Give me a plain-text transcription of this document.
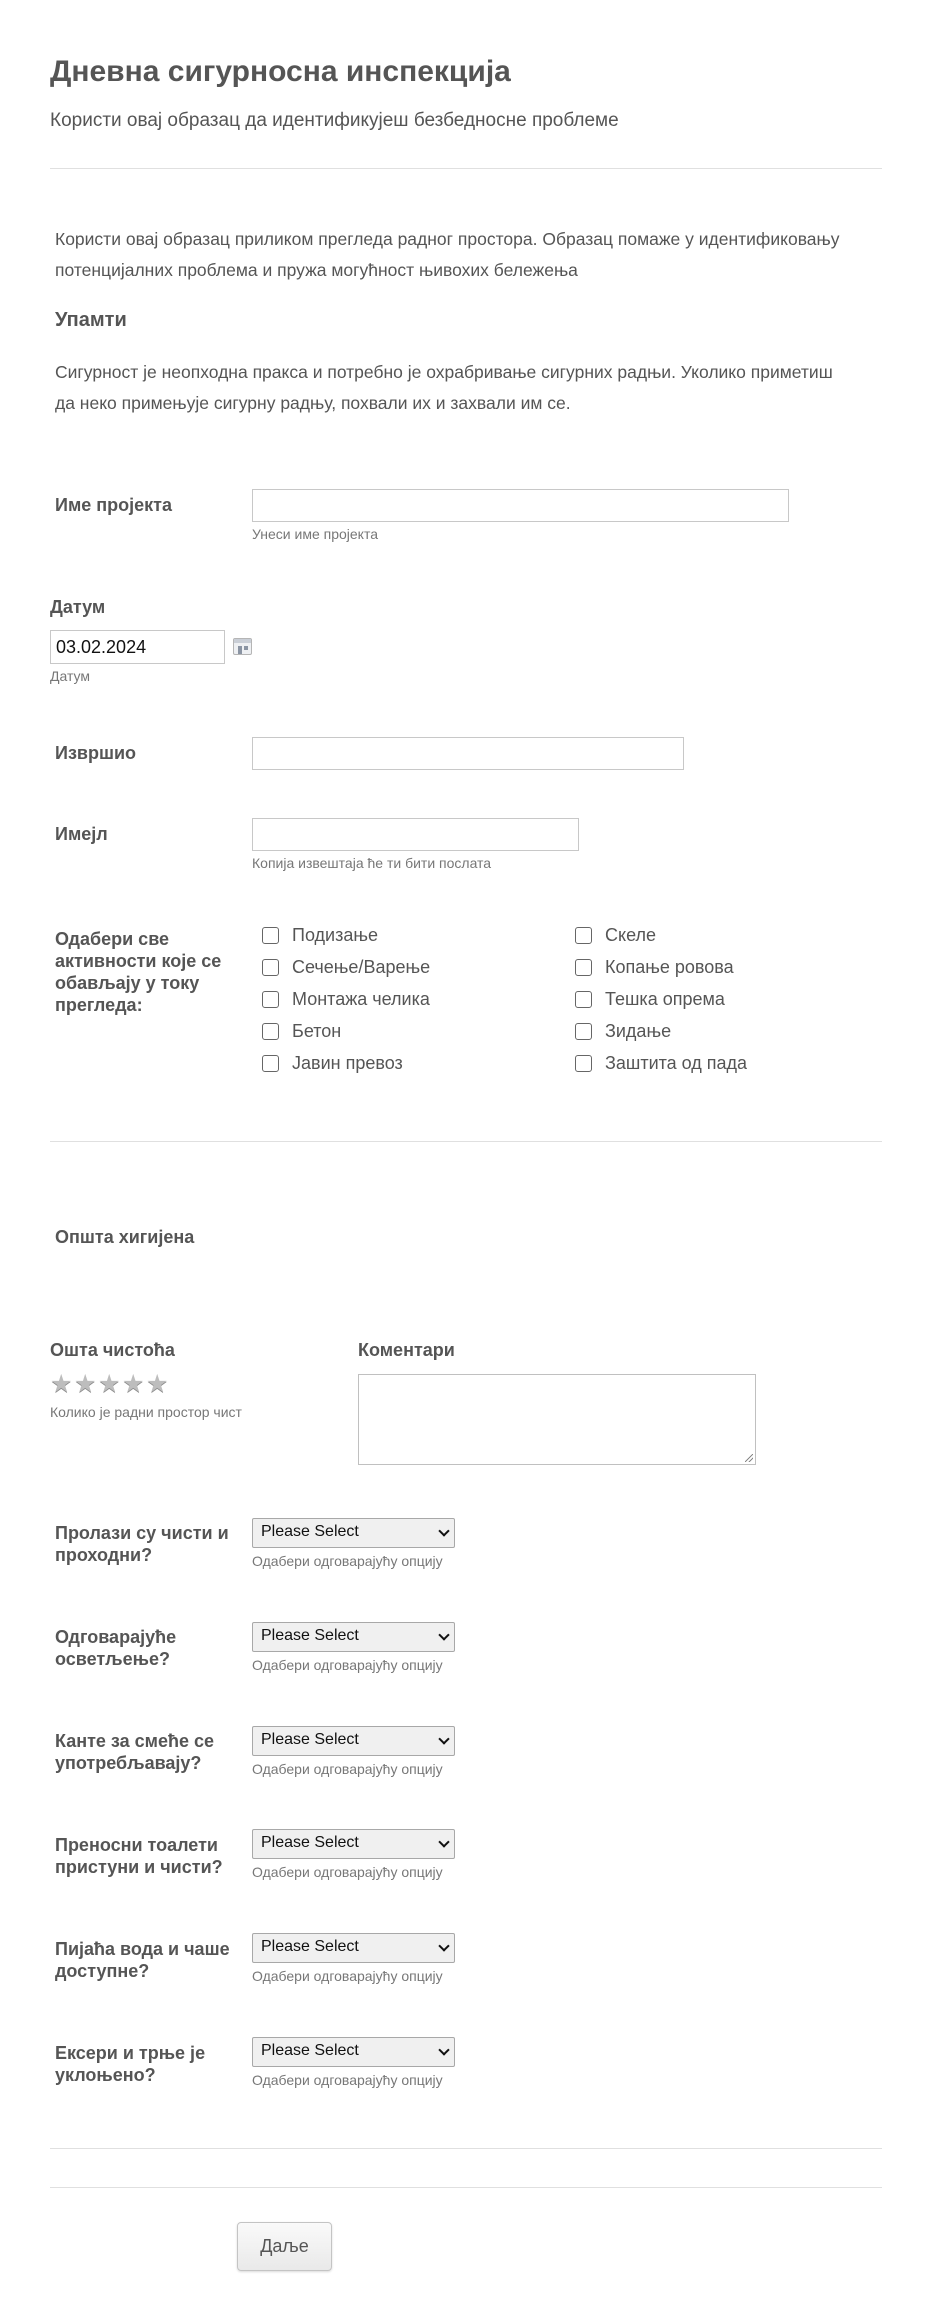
Дневна сигурносна инспекција
Користи овај образац да идентификујеш безбедносне проблеме
Користи овај образац приликом прегледа радног простора. Образац помаже у идентификовању потенцијалних проблема и пружа могућност њивохих бележења
Упамти
Сигурност је неопходна пракса и потребно је охрабривање сигурних радњи. Уколико приметиш да неко примењује сигурну радњу, похвали их и захвали им се.
Име пројекта
Унеси име пројекта
Датум
03.02.2024
Датум
Извршио
Имејл
Копија извештаја ће ти бити послата
Одабери све активности које се обављају у току прегледа:
Подизање
Сечење/Варење
Монтажа челика
Бетон
Јавин превоз
Скеле
Копање ровова
Тешка опрема
Зидање
Заштита од пада
Општа хигијена
Оштa чистоћа
★ ★ ★ ★ ★
Колико је радни простор чист
Коментари
Пролази су чисти и проходни?
Please Select
Одабери одговарајућу опцију
Одговарајуће осветљење?
Please Select
Одабери одговарајућу опцију
Канте за смеће се употребљавају?
Please Select
Одабери одговарајућу опцију
Преносни тоалети пристуни и чисти?
Please Select
Одабери одговарајућу опцију
Пијаћа вода и чаше доступне?
Please Select
Одабери одговарајућу опцију
Ексери и трње је уклоњено?
Please Select
Одабери одговарајућу опцију
Даље
